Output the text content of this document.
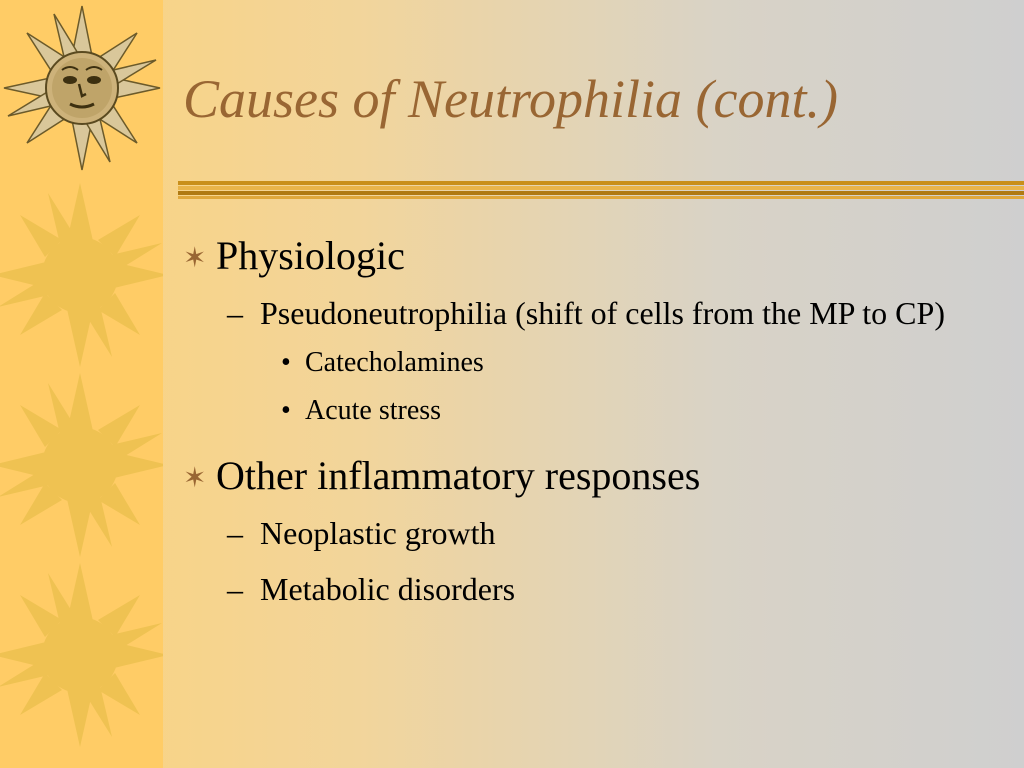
Causes of Neutrophilia (cont.)
✶ Physiologic
– Pseudoneutrophilia (shift of cells from the MP to CP)
• Catecholamines
• Acute stress
✶ Other inflammatory responses
– Neoplastic growth
– Metabolic disorders
